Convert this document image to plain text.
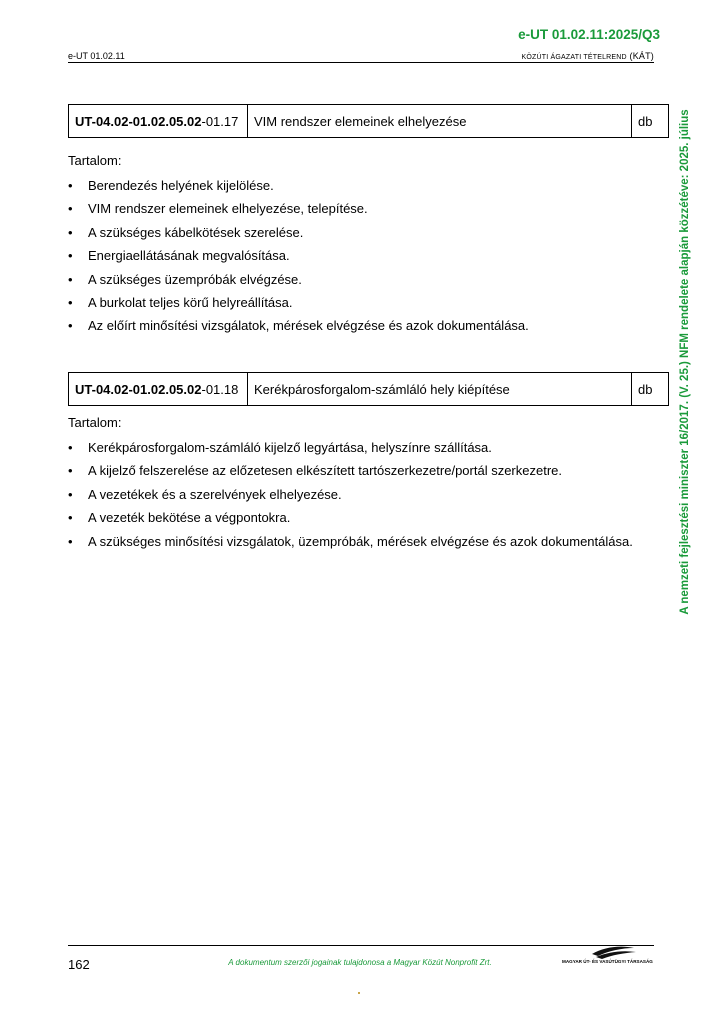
e-UT 01.02.11:2025/Q3
e-UT 01.02.11	KÖZÚTI ÁGAZATI TÉTELREND (KÁT)
A nemzeti fejlesztési miniszter 16/2017. (V. 25.) NFM rendelete alapján közzétéve: 2025. július
UT-04.02-01.02.05.02-01.17	VIM rendszer elemeinek elhelyezése	db
Tartalom:
• Berendezés helyének kijelölése.
• VIM rendszer elemeinek elhelyezése, telepítése.
• A szükséges kábelkötések szerelése.
• Energiaellátásának megvalósítása.
• A szükséges üzempróbák elvégzése.
• A burkolat teljes körű helyreállítása.
• Az előírt minősítési vizsgálatok, mérések elvégzése és azok dokumentálása.
UT-04.02-01.02.05.02-01.18	Kerékpárosforgalom-számláló hely kiépítése	db
Tartalom:
• Kerékpárosforgalom-számláló kijelző legyártása, helyszínre szállítása.
• A kijelző felszerelése az előzetesen elkészített tartószerkezetre/portál szerkezetre.
• A vezetékek és a szerelvények elhelyezése.
• A vezeték bekötése a végpontokra.
• A szükséges minősítési vizsgálatok, üzempróbák, mérések elvégzése és azok dokumentálása.
162	A dokumentum szerzői jogainak tulajdonosa a Magyar Közút Nonprofit Zrt.	MAGYAR ÚT- ÉS VASÚTÜGYI TÁRSASÁG
